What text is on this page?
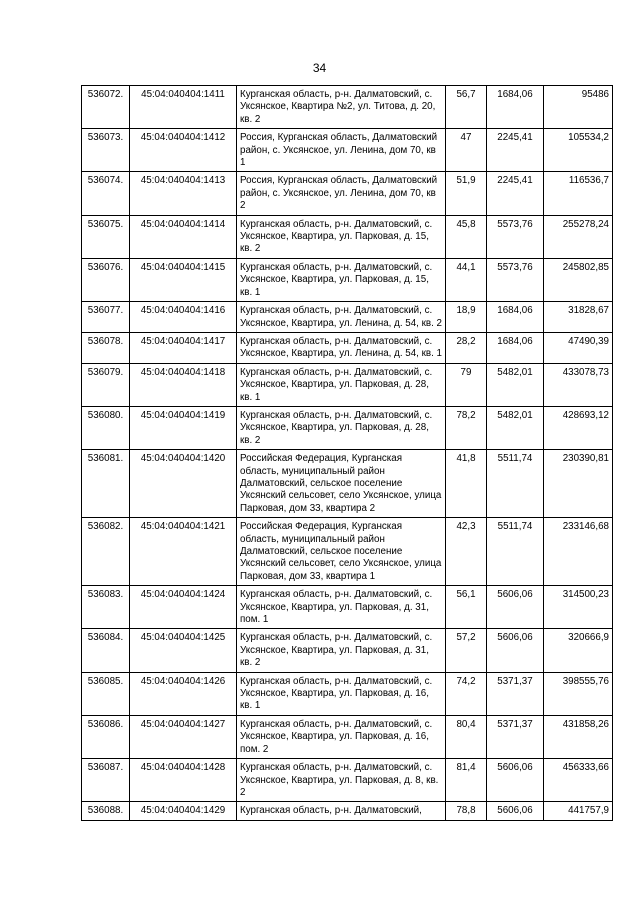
34
536072.	45:04:040404:1411	Курганская область, р-н. Далматовский, с. Уксянское, Квартира №2, ул. Титова, д. 20, кв. 2	56,7	1684,06	95486
536073.	45:04:040404:1412	Россия, Курганская область, Далматовский район, с. Уксянское, ул. Ленина, дом 70, кв 1	47	2245,41	105534,2
536074.	45:04:040404:1413	Россия, Курганская область, Далматовский район, с. Уксянское, ул. Ленина, дом 70, кв 2	51,9	2245,41	116536,7
536075.	45:04:040404:1414	Курганская область, р-н. Далматовский, с. Уксянское, Квартира, ул. Парковая, д. 15, кв. 2	45,8	5573,76	255278,24
536076.	45:04:040404:1415	Курганская область, р-н. Далматовский, с. Уксянское, Квартира, ул. Парковая, д. 15, кв. 1	44,1	5573,76	245802,85
536077.	45:04:040404:1416	Курганская область, р-н. Далматовский, с. Уксянское, Квартира, ул. Ленина, д. 54, кв. 2	18,9	1684,06	31828,67
536078.	45:04:040404:1417	Курганская область, р-н. Далматовский, с. Уксянское, Квартира, ул. Ленина, д. 54, кв. 1	28,2	1684,06	47490,39
536079.	45:04:040404:1418	Курганская область, р-н. Далматовский, с. Уксянское, Квартира, ул. Парковая, д. 28, кв. 1	79	5482,01	433078,73
536080.	45:04:040404:1419	Курганская область, р-н. Далматовский, с. Уксянское, Квартира, ул. Парковая, д. 28, кв. 2	78,2	5482,01	428693,12
536081.	45:04:040404:1420	Российская Федерация, Курганская область, муниципальный район Далматовский, сельское поселение Уксянский сельсовет, село Уксянское, улица Парковая, дом 33, квартира 2	41,8	5511,74	230390,81
536082.	45:04:040404:1421	Российская Федерация, Курганская область, муниципальный район Далматовский, сельское поселение Уксянский сельсовет, село Уксянское, улица Парковая, дом 33, квартира 1	42,3	5511,74	233146,68
536083.	45:04:040404:1424	Курганская область, р-н. Далматовский, с. Уксянское, Квартира, ул. Парковая, д. 31, пом. 1	56,1	5606,06	314500,23
536084.	45:04:040404:1425	Курганская область, р-н. Далматовский, с. Уксянское, Квартира, ул. Парковая, д. 31, кв. 2	57,2	5606,06	320666,9
536085.	45:04:040404:1426	Курганская область, р-н. Далматовский, с. Уксянское, Квартира, ул. Парковая, д. 16, кв. 1	74,2	5371,37	398555,76
536086.	45:04:040404:1427	Курганская область, р-н. Далматовский, с. Уксянское, Квартира, ул. Парковая, д. 16, пом. 2	80,4	5371,37	431858,26
536087.	45:04:040404:1428	Курганская область, р-н. Далматовский, с. Уксянское, Квартира, ул. Парковая, д. 8, кв. 2	81,4	5606,06	456333,66
536088.	45:04:040404:1429	Курганская область, р-н. Далматовский,	78,8	5606,06	441757,9
